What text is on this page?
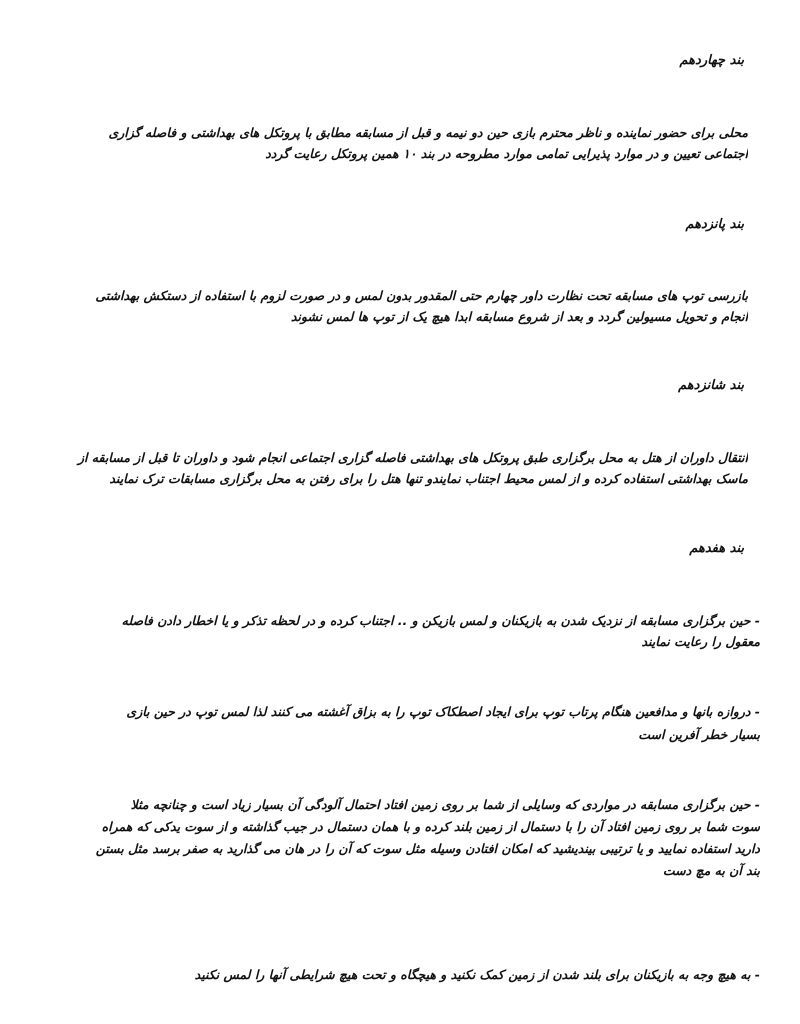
بند چهاردهم
محلی برای حضور نماینده و ناظر محترم بازی حین دو نیمه و قبل از مسابقه مطابق با پروتکل های بهداشتی و فاصله گزاری
اجتماعی تعیین و در موارد پذیرایی تمامی موارد مطروحه در بند ۱۰ همین پروتکل رعایت گردد
بند پانزدهم
بازرسی توپ های مسابقه تحت نظارت داور چهارم حتی المقدور بدون لمس و در صورت لزوم با استفاده از دستکش بهداشتی
انجام و تحویل مسیولین گردد و بعد از شروع مسابقه ابدا هیچ یک از توپ ها لمس نشوند
بند شانزدهم
انتقال داوران از هتل به محل برگزاری طبق پروتکل های بهداشتی فاصله گزاری اجتماعی انجام شود و داوران تا قبل از مسابقه از
ماسک بهداشتی استفاده کرده و از لمس محیط اجتناب نمایندو تنها هتل را برای رفتن به محل برگزاری مسابقات ترک نمایند
بند هفدهم
- حین برگزاری مسابقه از نزدیک شدن به بازیکنان و لمس بازیکن و .. اجتناب کرده و در لحظه تذکر و یا اخطار دادن فاصله
معقول را رعایت نمایند
- دروازه بانها و مدافعین هنگام پرتاب توپ برای ایجاد اصطکاک توپ را به بزاق آغشته می کنند لذا لمس توپ در حین بازی
بسیار خطر آفرین است
- حین برگزاری مسابقه در مواردی که وسایلی از شما بر روی زمین افتاد احتمال آلودگی آن بسیار زیاد است و چنانچه مثلا
سوت شما بر روی زمین افتاد آن را با دستمال از زمین بلند کرده و با همان دستمال در جیب گذاشته و از سوت یدکی که همراه
دارید استفاده نمایید و یا ترتیبی بیندیشید که امکان افتادن وسیله مثل سوت که آن را در هان می گذارید به صفر برسد مثل بستن
بند آن به مچ دست
- به هیچ وجه به بازیکنان برای بلند شدن از زمین کمک نکنید و هیچگاه و تحت هیچ شرایطی آنها را لمس نکنید
